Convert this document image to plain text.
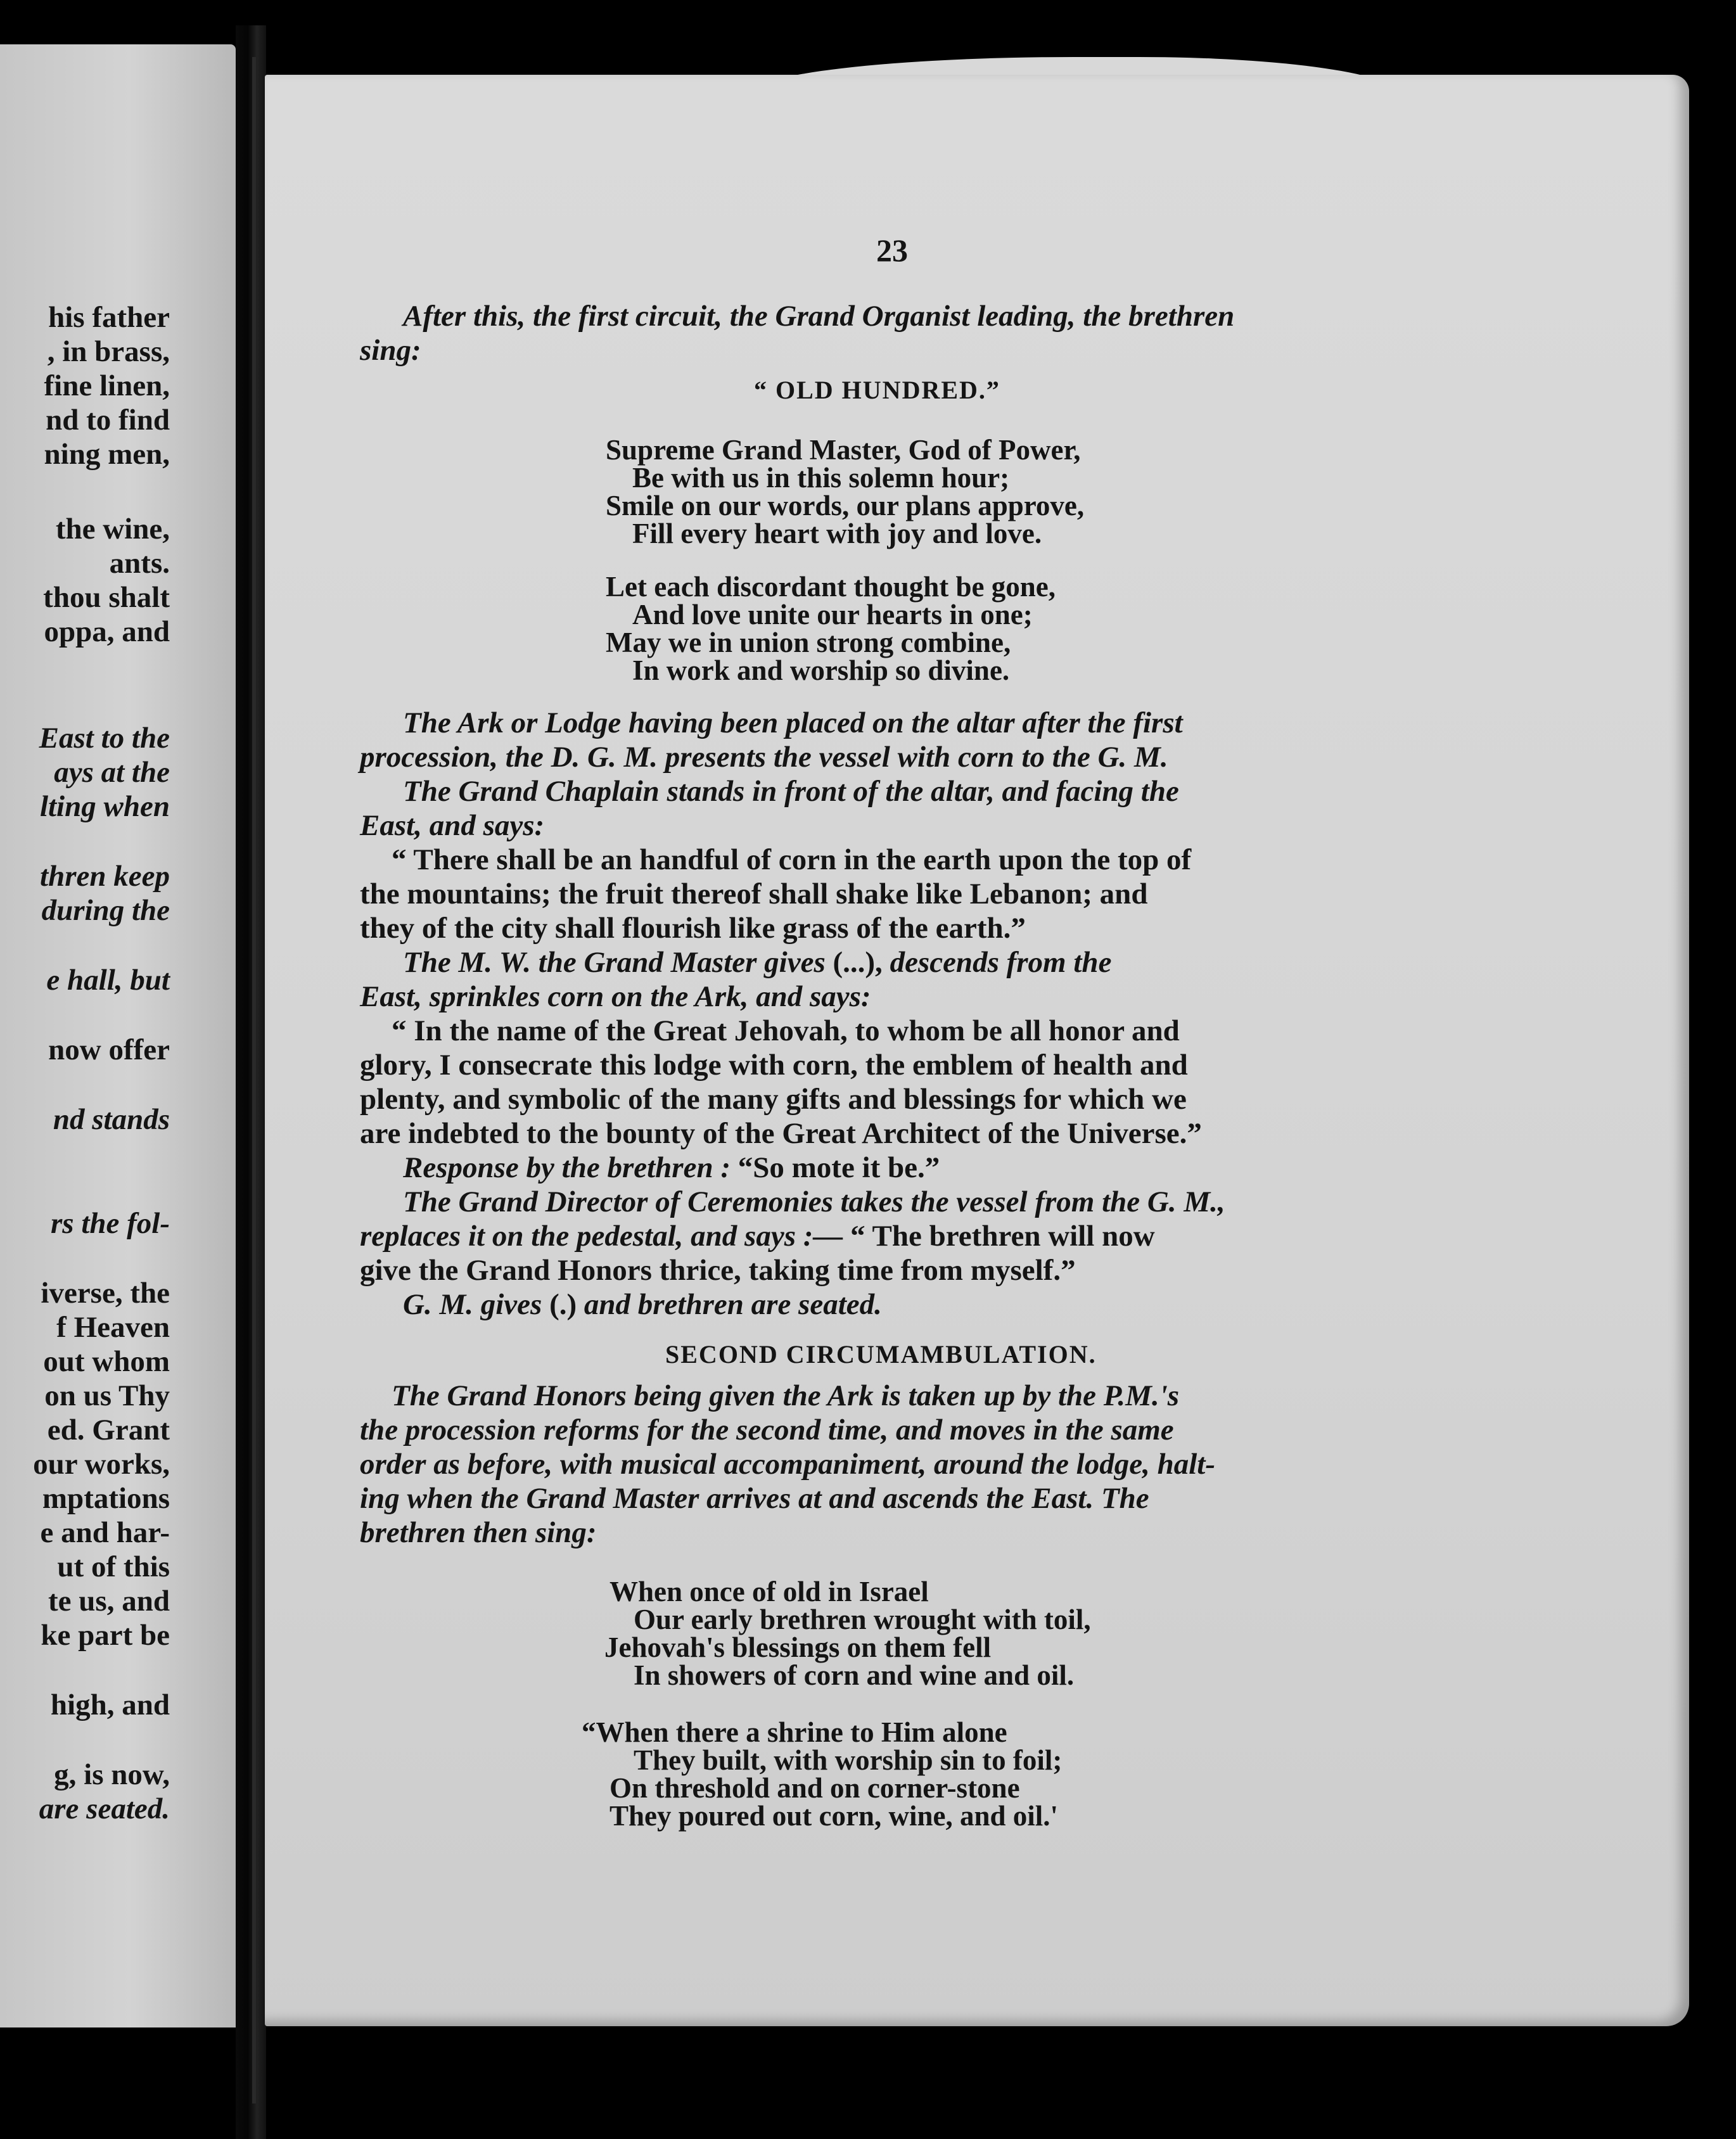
his father
, in brass,
fine linen,
nd to find
ning men,
the wine,
ants.
thou shalt
oppa, and
East to the
ays at the
lting when
thren keep
during the
e hall, but
now offer
nd stands
rs the fol-
iverse, the
f Heaven
out whom
on us Thy
ed. Grant
our works,
mptations
e and har-
ut of this
te us, and
ke part be
high, and
g, is now,
are seated.
23
After this, the first circuit, the Grand Organist leading, the brethren
sing:
“ OLD HUNDRED.”
Supreme Grand Master, God of Power,
Be with us in this solemn hour;
Smile on our words, our plans approve,
Fill every heart with joy and love.
Let each discordant thought be gone,
And love unite our hearts in one;
May we in union strong combine,
In work and worship so divine.
The Ark or Lodge having been placed on the altar after the first
procession, the D. G. M. presents the vessel with corn to the G. M.
The Grand Chaplain stands in front of the altar, and facing the
East, and says:
“ There shall be an handful of corn in the earth upon the top of
the mountains; the fruit thereof shall shake like Lebanon; and
they of the city shall flourish like grass of the earth.”
The M. W. the Grand Master gives (...), descends from the
East, sprinkles corn on the Ark, and says:
“ In the name of the Great Jehovah, to whom be all honor and
glory, I consecrate this lodge with corn, the emblem of health and
plenty, and symbolic of the many gifts and blessings for which we
are indebted to the bounty of the Great Architect of the Universe.”
Response by the brethren : “So mote it be.”
The Grand Director of Ceremonies takes the vessel from the G. M.,
replaces it on the pedestal, and says :— “ The brethren will now
give the Grand Honors thrice, taking time from myself.”
G. M. gives (.) and brethren are seated.
SECOND CIRCUMAMBULATION.
The Grand Honors being given the Ark is taken up by the P.M.'s
the procession reforms for the second time, and moves in the same
order as before, with musical accompaniment, around the lodge, halt-
ing when the Grand Master arrives at and ascends the East. The
brethren then sing:
When once of old in Israel
Our early brethren wrought with toil,
Jehovah's blessings on them fell
In showers of corn and wine and oil.
“When there a shrine to Him alone
They built, with worship sin to foil;
On threshold and on corner-stone
They poured out corn, wine, and oil.'
